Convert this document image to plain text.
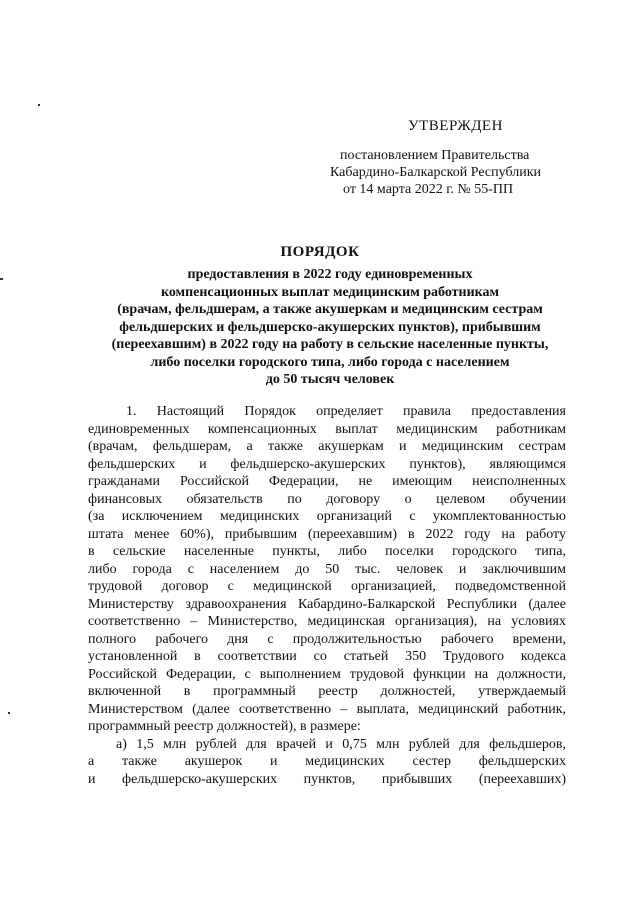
УТВЕРЖДЕН

постановлением Правительства

Кабардино-Балкарской Республики

от 14 марта 2022 г. № 55-ПП

ПОРЯДОК
предоставления в 2022 году единовременных
компенсационных выплат медицинским работникам
(врачам, фельдшерам, а также акушеркам и медицинским сестрам
фельдшерских и фельдшерско-акушерских пунктов), прибывшим
(переехавшим) в 2022 году на работу в сельские населенные пункты,
либо поселки городского типа, либо города с населением
до 50 тысяч человек
1. Настоящий Порядок определяет правила предоставления
единовременных компенсационных выплат медицинским работникам
(врачам, фельдшерам, а также акушеркам и медицинским сестрам
фельдшерских и фельдшерско-акушерских пунктов), являющимся
гражданами Российской Федерации, не имеющим неисполненных
финансовых обязательств по договору о целевом обучении
(за исключением медицинских организаций с укомплектованностью
штата менее 60%), прибывшим (переехавшим) в 2022 году на работу
в сельские населенные пункты, либо поселки городского типа,
либо города с населением до 50 тыс. человек и заключившим
трудовой договор с медицинской организацией, подведомственной
Министерству здравоохранения Кабардино-Балкарской Республики (далее
соответственно – Министерство, медицинская организация), на условиях
полного рабочего дня с продолжительностью рабочего времени,
установленной в соответствии со статьей 350 Трудового кодекса
Российской Федерации, с выполнением трудовой функции на должности,
включенной в программный реестр должностей, утверждаемый
Министерством (далее соответственно – выплата, медицинский работник,
программный реестр должностей), в размере:
а) 1,5 млн рублей для врачей и 0,75 млн рублей для фельдшеров,
а также акушерок и медицинских сестер фельдшерских
и фельдшерско-акушерских пунктов, прибывших (переехавших)
